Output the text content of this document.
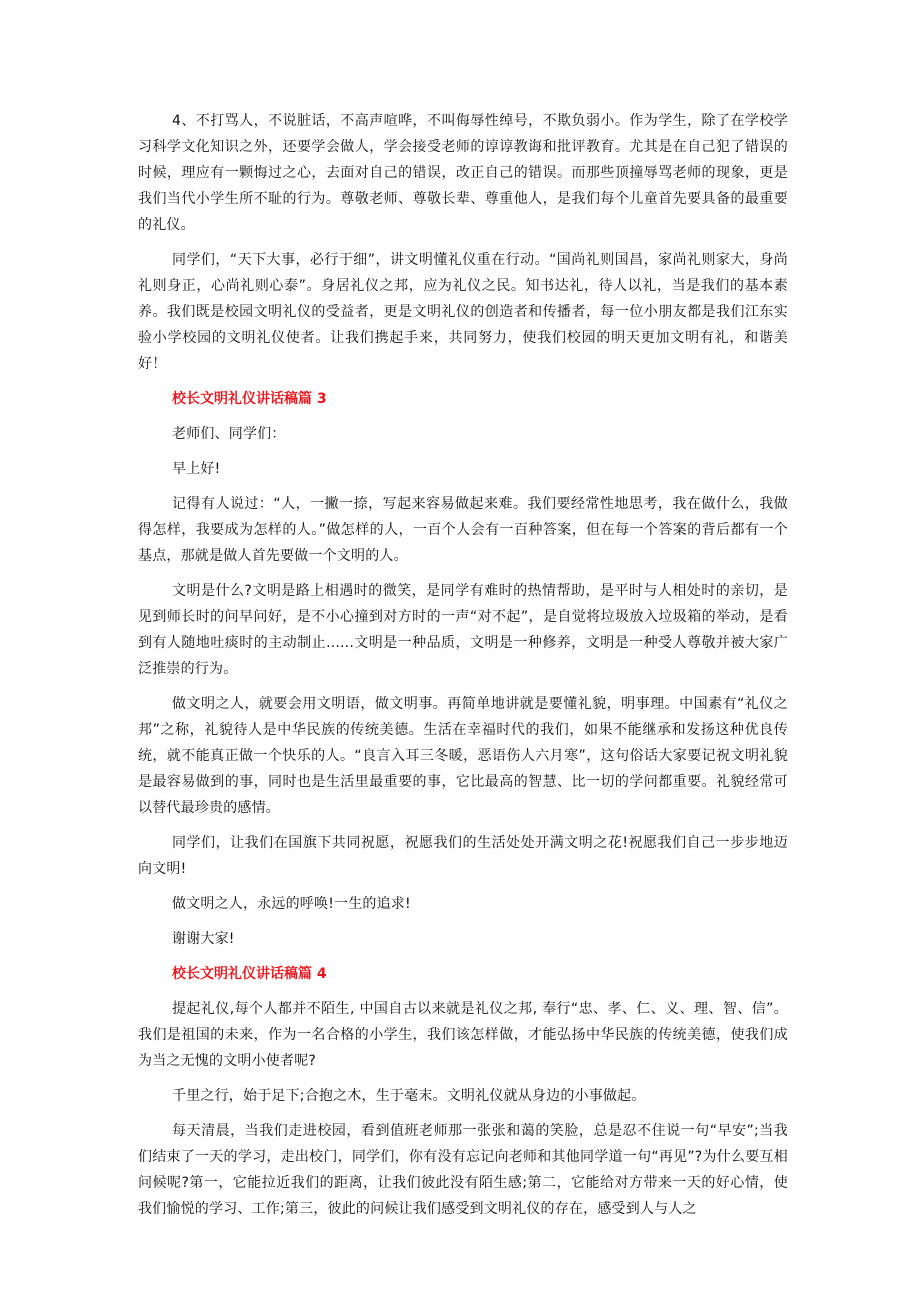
4、不打骂人，不说脏话，不高声喧哗，不叫侮辱性绰号，不欺负弱小。作为学生，除了在学校学习科学文化知识之外，还要学会做人，学会接受老师的谆谆教诲和批评教育。尤其是在自己犯了错误的时候，理应有一颗悔过之心，去面对自己的错误，改正自己的错误。而那些顶撞辱骂老师的现象，更是我们当代小学生所不耻的行为。尊敬老师、尊敬长辈、尊重他人，是我们每个儿童首先要具备的最重要的礼仪。

同学们，“天下大事，必行于细”，讲文明懂礼仪重在行动。“国尚礼则国昌，家尚礼则家大，身尚礼则身正，心尚礼则心泰”。身居礼仪之邦，应为礼仪之民。知书达礼，待人以礼，当是我们的基本素养。我们既是校园文明礼仪的受益者，更是文明礼仪的创造者和传播者，每一位小朋友都是我们江东实验小学校园的文明礼仪使者。让我们携起手来，共同努力，使我们校园的明天更加文明有礼，和谐美好！

校长文明礼仪讲话稿篇 3

老师们、同学们：

早上好!

记得有人说过：“人，一撇一捺，写起来容易做起来难。我们要经常性地思考，我在做什么，我做得怎样，我要成为怎样的人。”做怎样的人，一百个人会有一百种答案，但在每一个答案的背后都有一个基点，那就是做人首先要做一个文明的人。

文明是什么?文明是路上相遇时的微笑，是同学有难时的热情帮助，是平时与人相处时的亲切，是见到师长时的问早问好，是不小心撞到对方时的一声“对不起”，是自觉将垃圾放入垃圾箱的举动，是看到有人随地吐痰时的主动制止......文明是一种品质，文明是一种修养，文明是一种受人尊敬并被大家广泛推崇的行为。

做文明之人，就要会用文明语，做文明事。再简单地讲就是要懂礼貌，明事理。中国素有“礼仪之邦”之称，礼貌待人是中华民族的传统美德。生活在幸福时代的我们，如果不能继承和发扬这种优良传统，就不能真正做一个快乐的人。“良言入耳三冬暖，恶语伤人六月寒”，这句俗话大家要记祝文明礼貌是最容易做到的事，同时也是生活里最重要的事，它比最高的智慧、比一切的学问都重要。礼貌经常可以替代最珍贵的感情。

同学们，让我们在国旗下共同祝愿，祝愿我们的生活处处开满文明之花!祝愿我们自己一步步地迈向文明!

做文明之人，永远的呼唤!一生的追求!

谢谢大家!

校长文明礼仪讲话稿篇 4

提起礼仪,每个人都并不陌生, 中国自古以来就是礼仪之邦, 奉行“忠、孝、仁、义、理、智、信”。我们是祖国的未来，作为一名合格的小学生，我们该怎样做，才能弘扬中华民族的传统美德，使我们成为当之无愧的文明小使者呢?

千里之行，始于足下;合抱之木，生于毫末。文明礼仪就从身边的小事做起。

每天清晨，当我们走进校园，看到值班老师那一张张和蔼的笑脸，总是忍不住说一句“早安”;当我们结束了一天的学习，走出校门，同学们，你有没有忘记向老师和其他同学道一句“再见”?为什么要互相问候呢?第一，它能拉近我们的距离，让我们彼此没有陌生感;第二，它能给对方带来一天的好心情，使我们愉悦的学习、工作;第三，彼此的问候让我们感受到文明礼仪的存在，感受到人与人之
